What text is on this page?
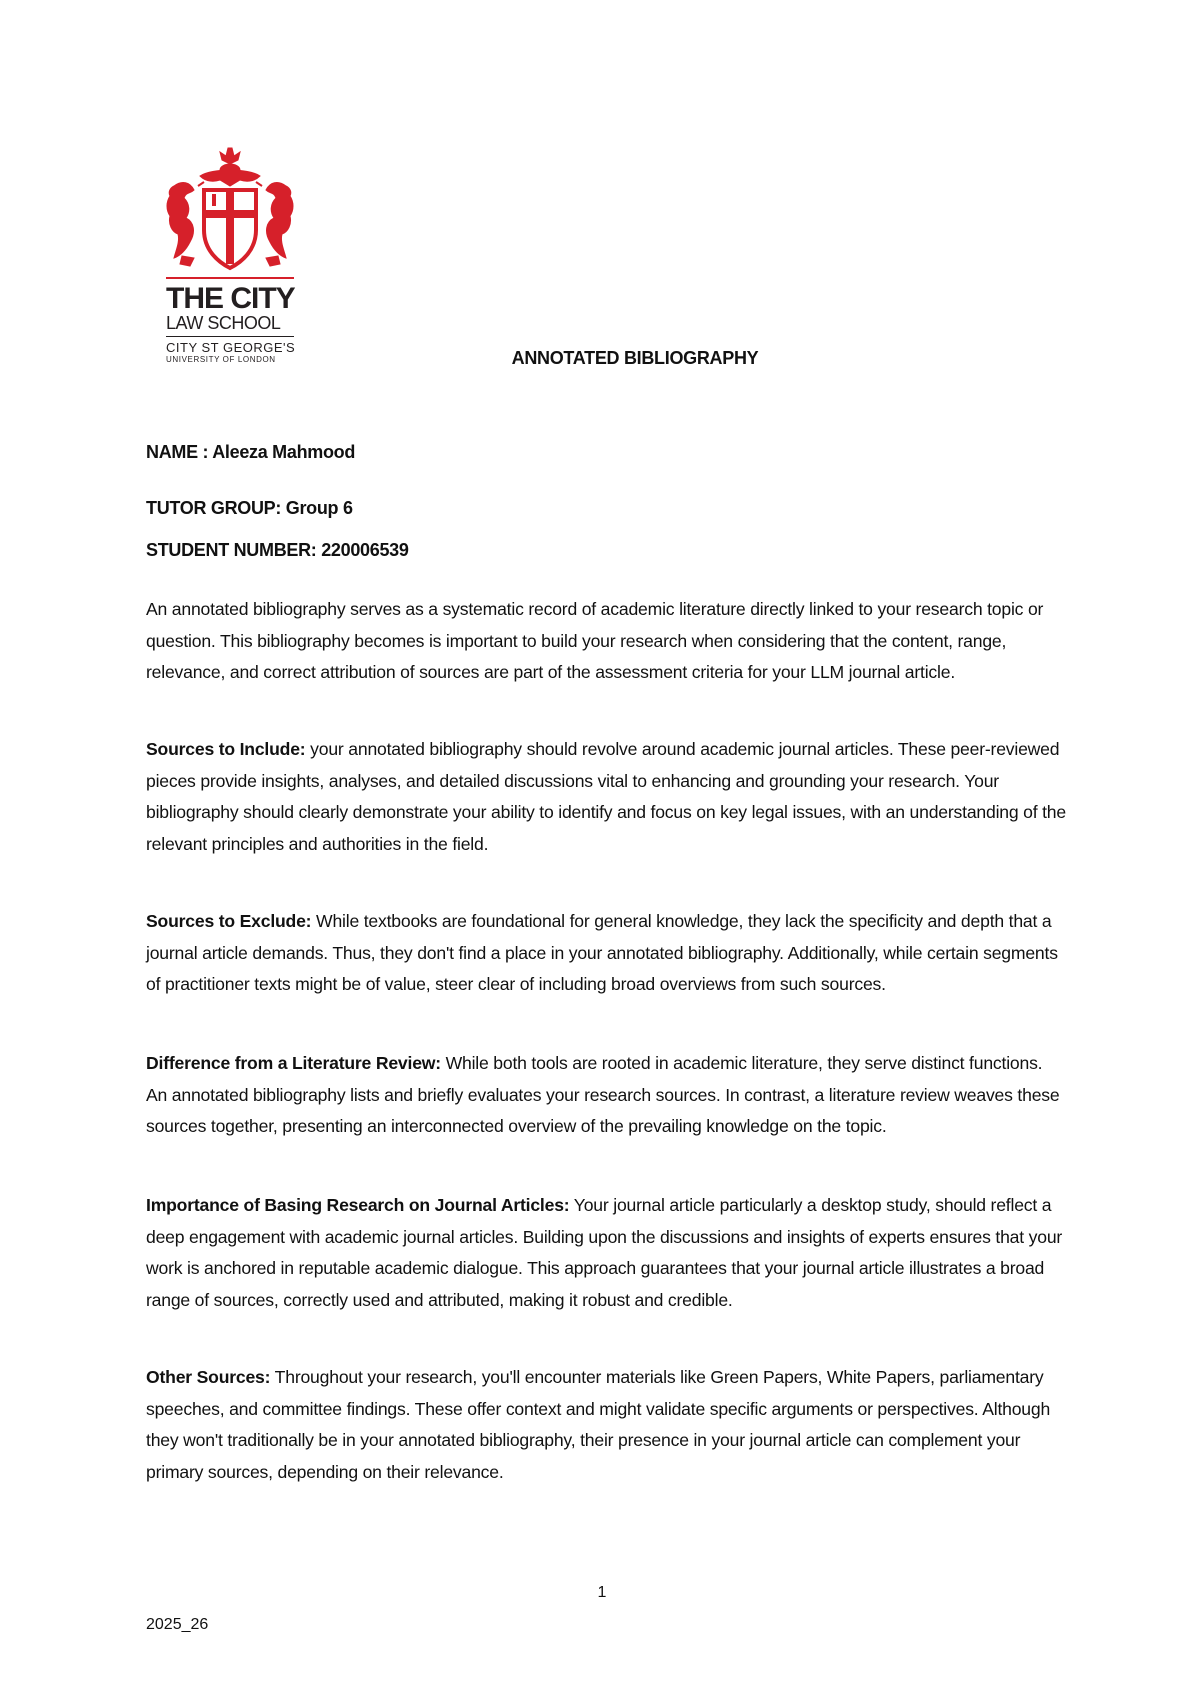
THE CITY
LAW SCHOOL
CITY ST GEORGE'S
UNIVERSITY OF LONDON	ANNOTATED BIBLIOGRAPHY
NAME : Aleeza Mahmood
TUTOR GROUP: Group 6
STUDENT NUMBER: 220006539
An annotated bibliography serves as a systematic record of academic literature directly linked to your research topic or question. This bibliography becomes is important to build your research when considering that the content, range, relevance, and correct attribution of sources are part of the assessment criteria for your LLM journal article.
Sources to Include: your annotated bibliography should revolve around academic journal articles. These peer-reviewed pieces provide insights, analyses, and detailed discussions vital to enhancing and grounding your research. Your bibliography should clearly demonstrate your ability to identify and focus on key legal issues, with an understanding of the relevant principles and authorities in the field.
Sources to Exclude: While textbooks are foundational for general knowledge, they lack the specificity and depth that a journal article demands. Thus, they don't find a place in your annotated bibliography. Additionally, while certain segments of practitioner texts might be of value, steer clear of including broad overviews from such sources.
Difference from a Literature Review: While both tools are rooted in academic literature, they serve distinct functions. An annotated bibliography lists and briefly evaluates your research sources. In contrast, a literature review weaves these sources together, presenting an interconnected overview of the prevailing knowledge on the topic.
Importance of Basing Research on Journal Articles: Your journal article particularly a desktop study, should reflect a deep engagement with academic journal articles. Building upon the discussions and insights of experts ensures that your work is anchored in reputable academic dialogue. This approach guarantees that your journal article illustrates a broad range of sources, correctly used and attributed, making it robust and credible.
Other Sources: Throughout your research, you'll encounter materials like Green Papers, White Papers, parliamentary speeches, and committee findings. These offer context and might validate specific arguments or perspectives. Although they won't traditionally be in your annotated bibliography, their presence in your journal article can complement your primary sources, depending on their relevance.
1
2025_26
